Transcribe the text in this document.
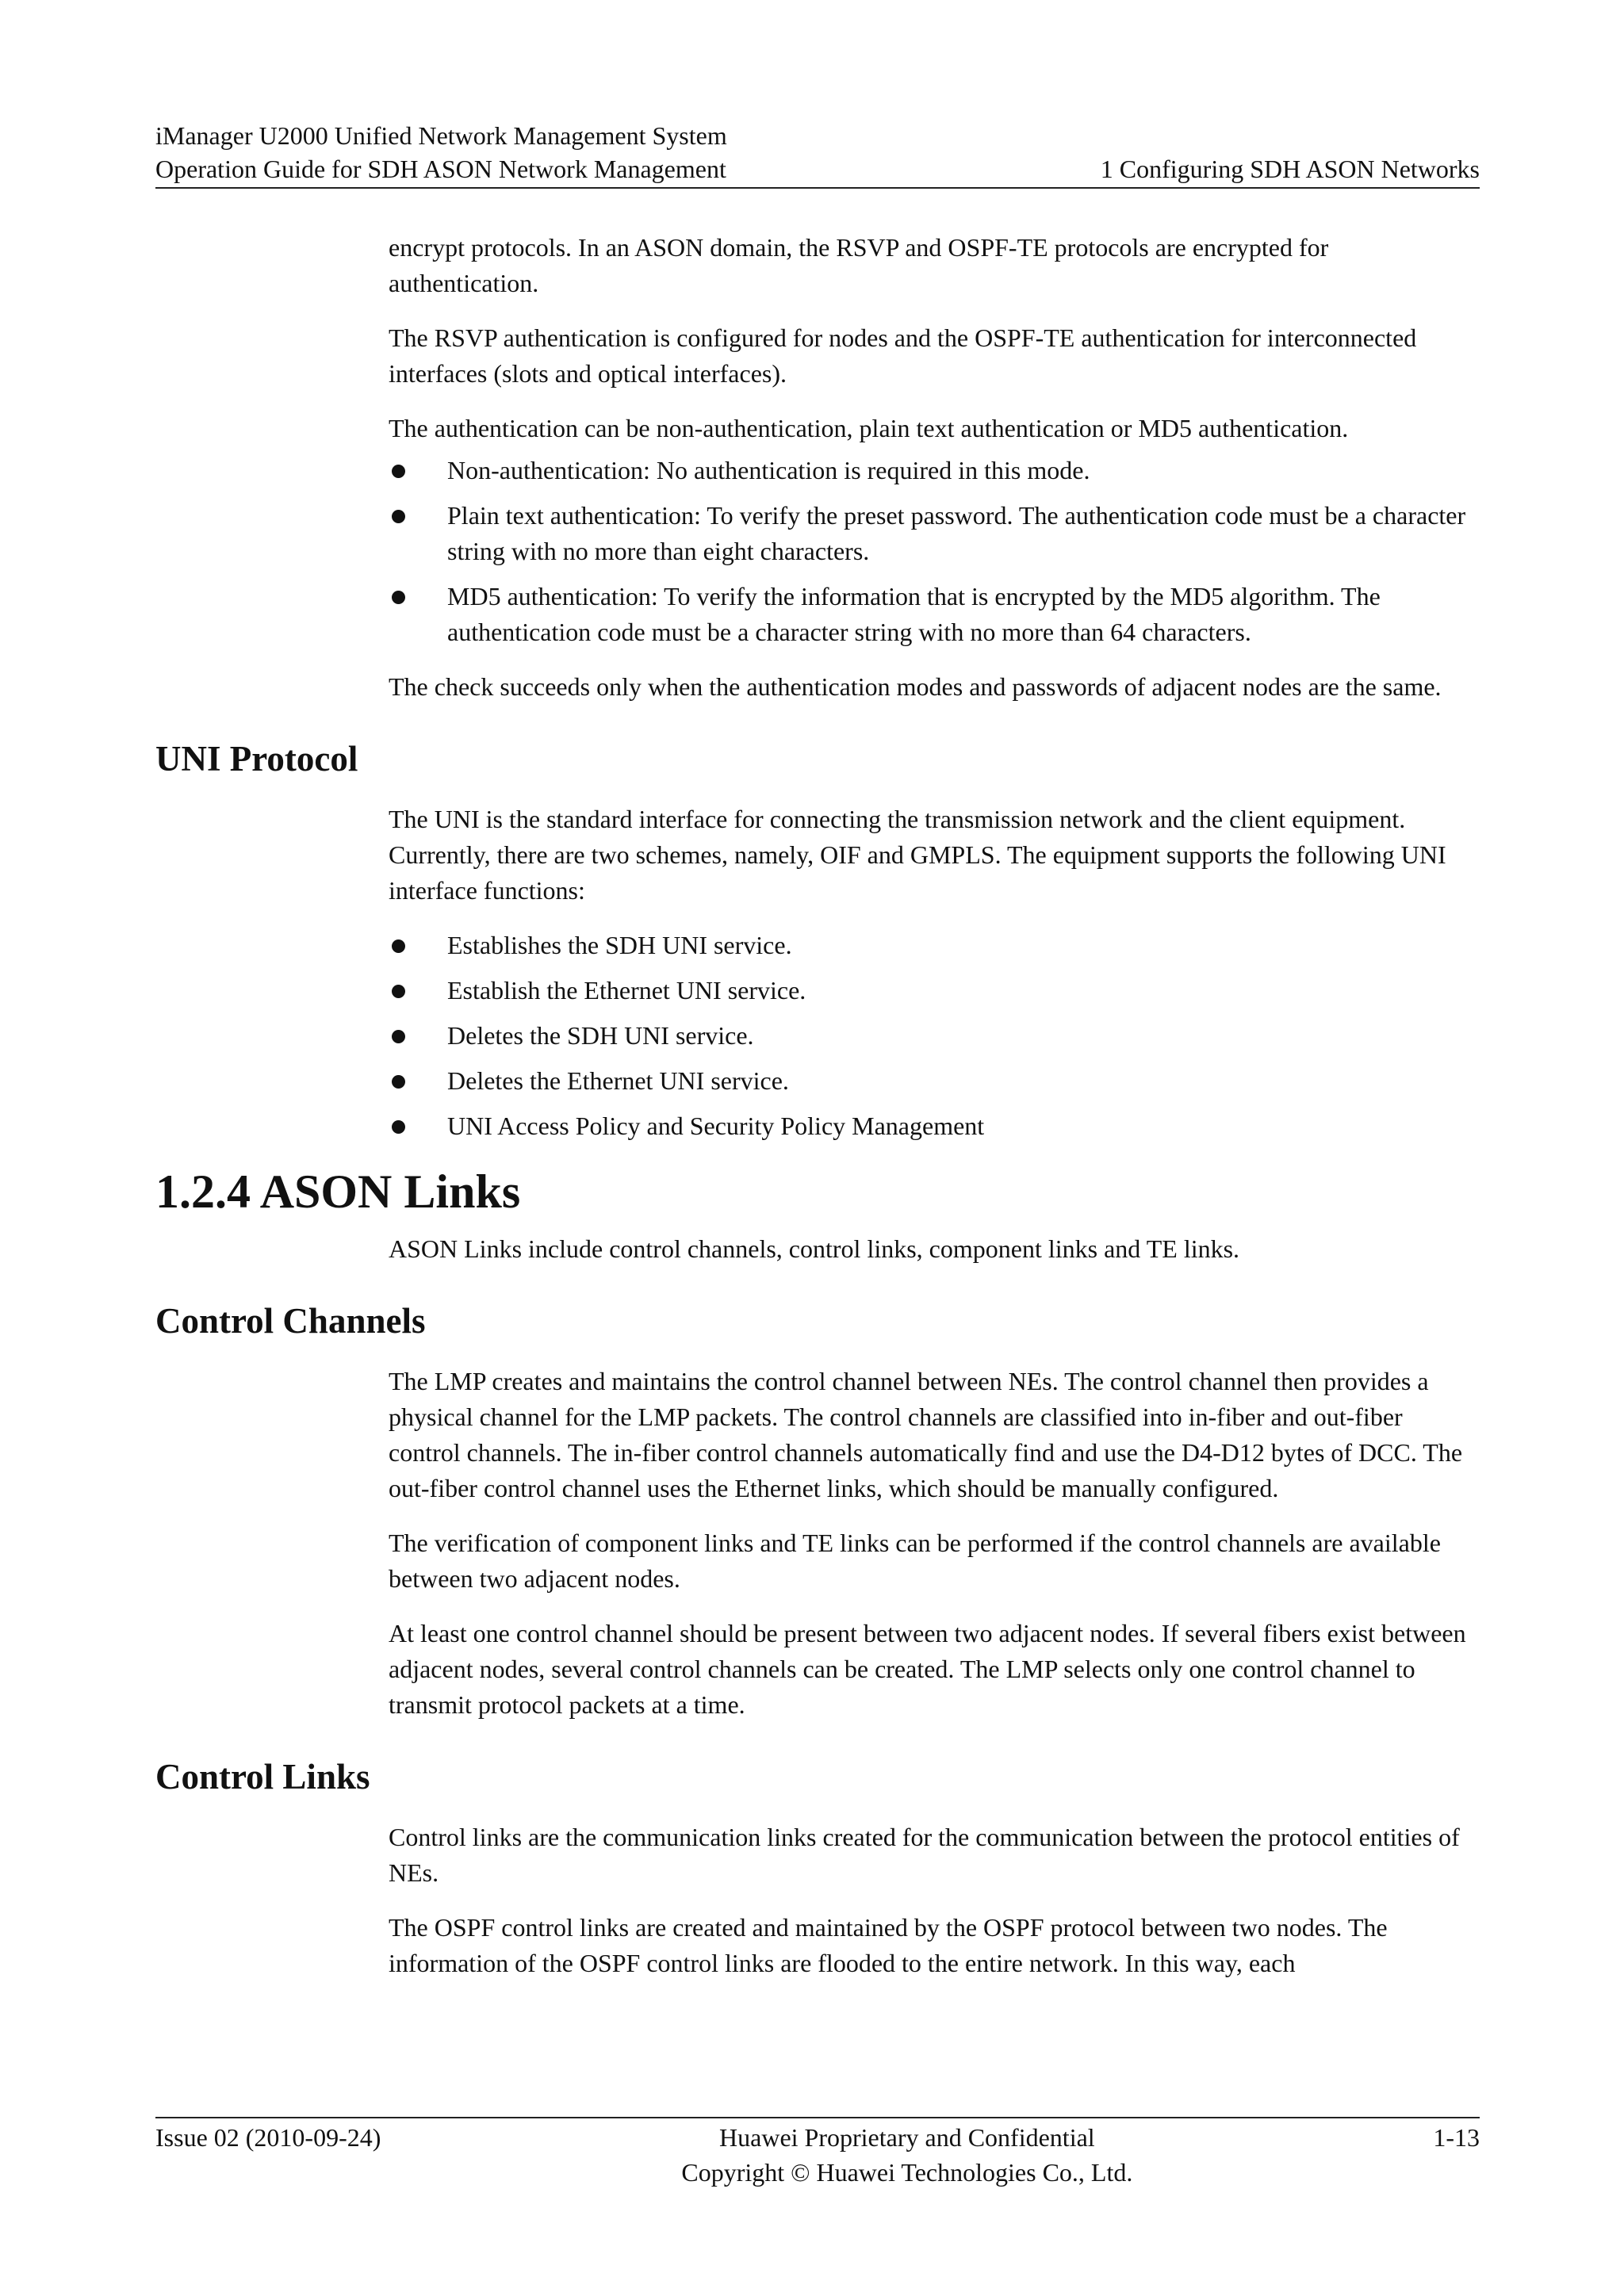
iManager U2000 Unified Network Management System
Operation Guide for SDH ASON Network Management	1 Configuring SDH ASON Networks

encrypt protocols. In an ASON domain, the RSVP and OSPF-TE protocols are encrypted for authentication.

The RSVP authentication is configured for nodes and the OSPF-TE authentication for interconnected interfaces (slots and optical interfaces).

The authentication can be non-authentication, plain text authentication or MD5 authentication.

Non-authentication: No authentication is required in this mode.
Plain text authentication: To verify the preset password. The authentication code must be a character string with no more than eight characters.
MD5 authentication: To verify the information that is encrypted by the MD5 algorithm. The authentication code must be a character string with no more than 64 characters.

The check succeeds only when the authentication modes and passwords of adjacent nodes are the same.

UNI Protocol

The UNI is the standard interface for connecting the transmission network and the client equipment. Currently, there are two schemes, namely, OIF and GMPLS. The equipment supports the following UNI interface functions:

Establishes the SDH UNI service.
Establish the Ethernet UNI service.
Deletes the SDH UNI service.
Deletes the Ethernet UNI service.
UNI Access Policy and Security Policy Management
1.2.4 ASON Links

ASON Links include control channels, control links, component links and TE links.

Control Channels

The LMP creates and maintains the control channel between NEs. The control channel then provides a physical channel for the LMP packets. The control channels are classified into in-fiber and out-fiber control channels. The in-fiber control channels automatically find and use the D4-D12 bytes of DCC. The out-fiber control channel uses the Ethernet links, which should be manually configured.

The verification of component links and TE links can be performed if the control channels are available between two adjacent nodes.

At least one control channel should be present between two adjacent nodes. If several fibers exist between adjacent nodes, several control channels can be created. The LMP selects only one control channel to transmit protocol packets at a time.

Control Links

Control links are the communication links created for the communication between the protocol entities of NEs.

The OSPF control links are created and maintained by the OSPF protocol between two nodes. The information of the OSPF control links are flooded to the entire network. In this way, each

Issue 02 (2010-09-24)	Huawei Proprietary and Confidential
Copyright © Huawei Technologies Co., Ltd.
1-13
